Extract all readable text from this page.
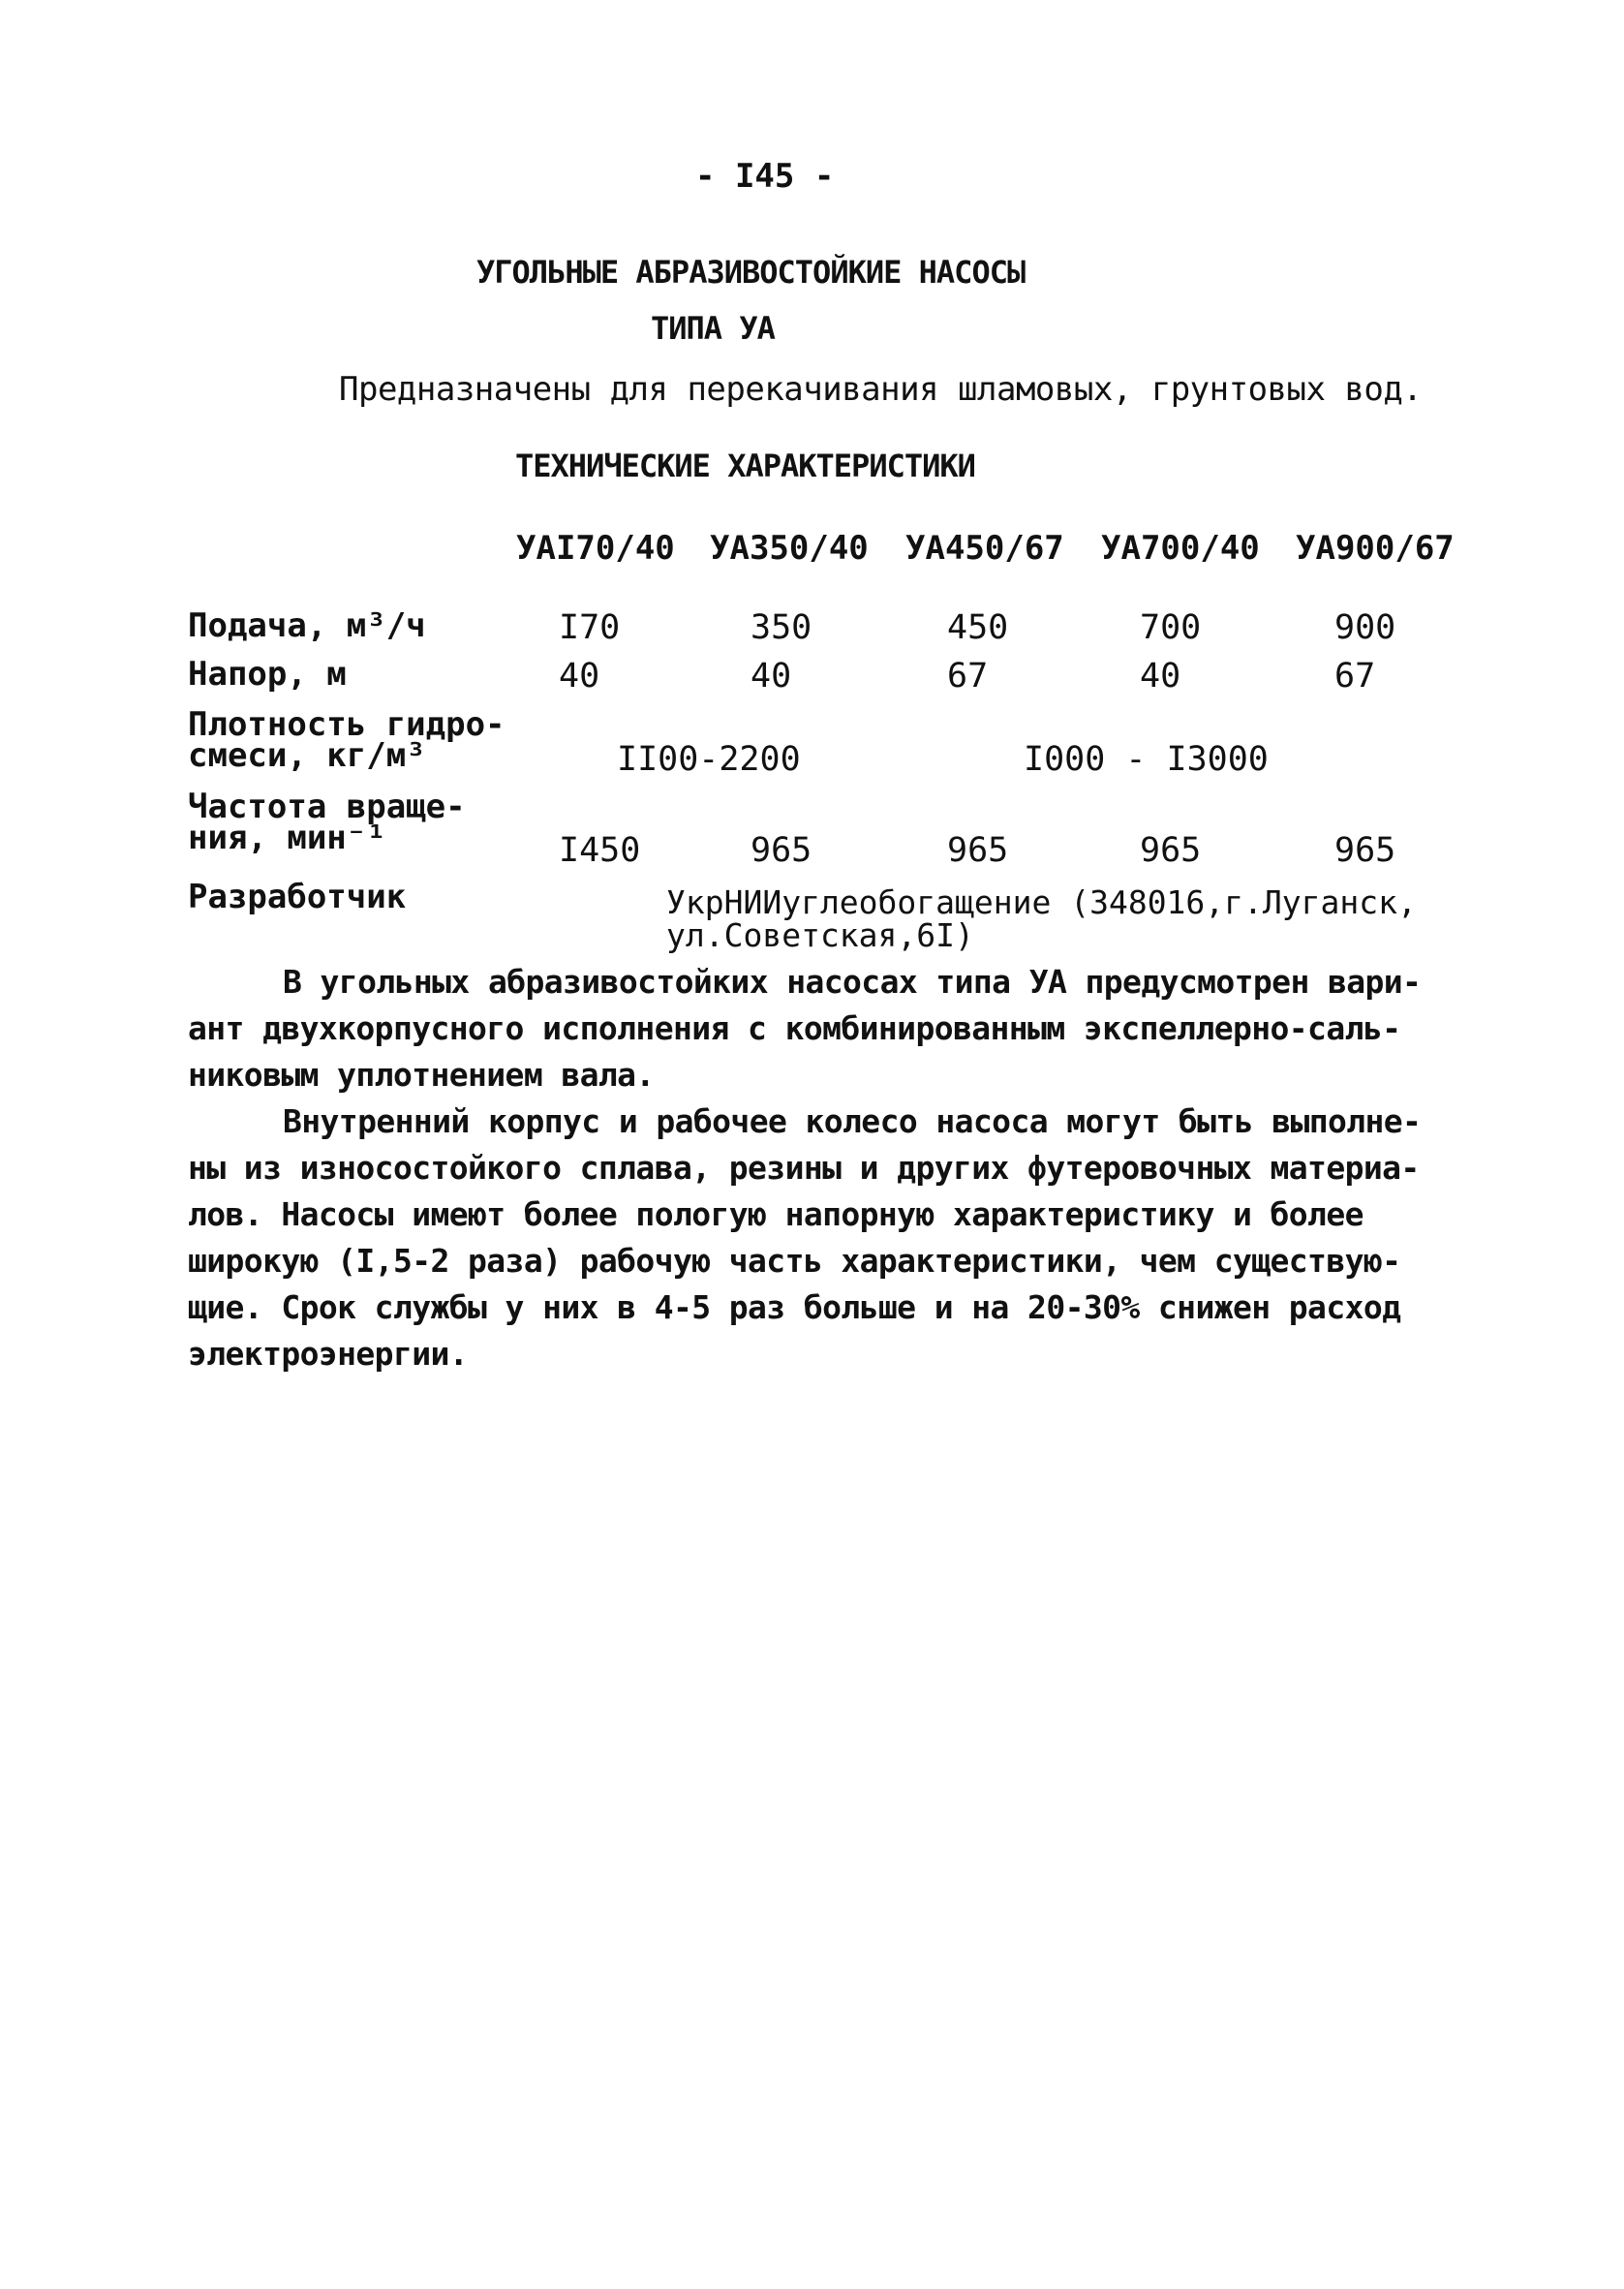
- I45 -
УГОЛЬНЫЕ АБРАЗИВОСТОЙКИЕ НАСОСЫ
ТИПА УА
Предназначены для перекачивания шламовых, грунтовых вод.
ТЕХНИЧЕСКИЕ ХАРАКТЕРИСТИКИ
УАI70/40 УА350/40 УА450/67 УА700/40 УА900/67
Подача, м³/ч	I70	350	450	700	900
Напор, м	40	40	67	40	67
Плотность гидро-
смеси, кг/м³	II00-2200	I000 - I3000
Частота враще-
ния, мин⁻¹	I450	965	965	965	965
Разработчик	УкрНИИуглеобогащение (348016,г.Луганск,
ул.Советская,6I)
В угольных абразивостойких насосах типа УА предусмотрен вари-
ант двухкорпусного исполнения с комбинированным экспеллерно-саль-
никовым уплотнением вала.
Внутренний корпус и рабочее колесо насоса могут быть выполне-
ны из износостойкого сплава, резины и других футеровочных материа-
лов. Насосы имеют более пологую напорную характеристику и более
широкую (I,5-2 раза) рабочую часть характеристики, чем существую-
щие. Срок службы у них в 4-5 раз больше и на 20-30% снижен расход
электроэнергии.
